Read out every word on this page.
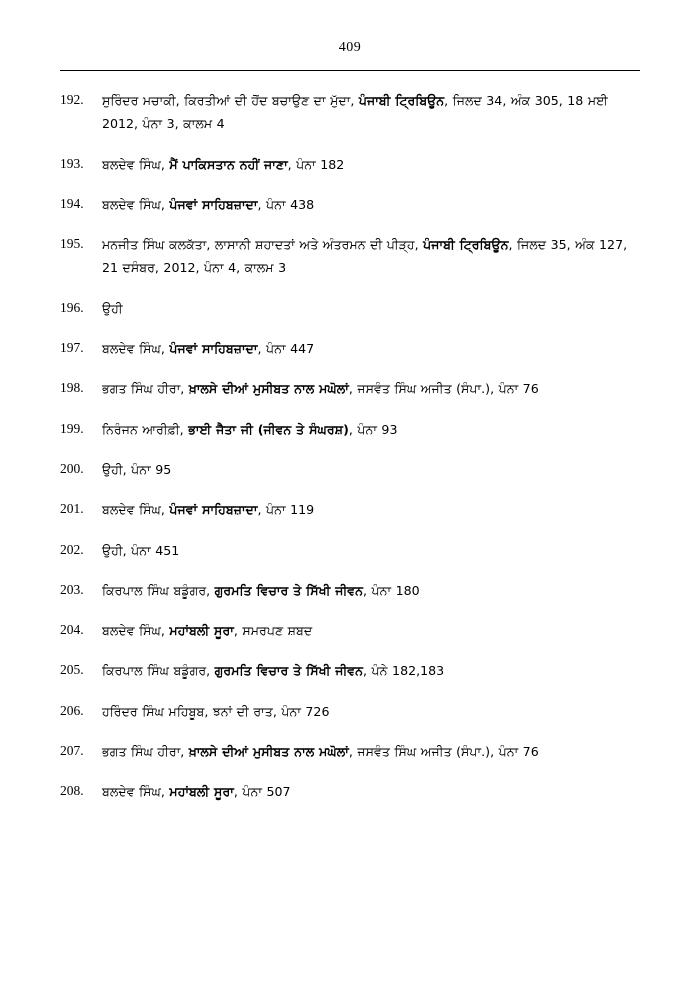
409
192.	ਸੁਰਿੰਦਰ ਮਚਾਕੀ, ਕਿਰਤੀਆਂ ਦੀ ਹੋਂਦ ਬਚਾਉਣ ਦਾ ਮੁੱਦਾ, ਪੰਜਾਬੀ ਟ੍ਰਿਬਿਊਨ, ਜਿਲਦ 34, ਅੰਕ 305, 18 ਮਈ 2012, ਪੰਨਾ 3, ਕਾਲਮ 4
193.	ਬਲਦੇਵ ਸਿੰਘ, ਮੈਂ ਪਾਕਿਸਤਾਨ ਨਹੀਂ ਜਾਣਾ, ਪੰਨਾ 182
194.	ਬਲਦੇਵ ਸਿੰਘ, ਪੰਜਵਾਂ ਸਾਹਿਬਜ਼ਾਦਾ, ਪੰਨਾ 438
195.	ਮਨਜੀਤ ਸਿੰਘ ਕਲਕੱਤਾ, ਲਾਸਾਨੀ ਸ਼ਹਾਦਤਾਂ ਅਤੇ ਅੰਤਰਮਨ ਦੀ ਪੀੜ੍ਹ, ਪੰਜਾਬੀ ਟ੍ਰਿਬਿਊਨ, ਜਿਲਦ 35, ਅੰਕ 127, 21 ਦਸੰਬਰ, 2012, ਪੰਨਾ 4, ਕਾਲਮ 3
196.	ਉਹੀ
197.	ਬਲਦੇਵ ਸਿੰਘ, ਪੰਜਵਾਂ ਸਾਹਿਬਜ਼ਾਦਾ, ਪੰਨਾ 447
198.	ਭਗਤ ਸਿੰਘ ਹੀਰਾ, ਖ਼ਾਲਸੇ ਦੀਆਂ ਮੁਸੀਬਤ ਨਾਲ ਮਘੋਲਾਂ, ਜਸਵੰਤ ਸਿੰਘ ਅਜੀਤ (ਸੰਪਾ.), ਪੰਨਾ 76
199.	ਨਿਰੰਜਨ ਆਰੀਫ਼ੀ, ਭਾਈ ਜੈਤਾ ਜੀ (ਜੀਵਨ ਤੇ ਸੰਘਰਸ਼), ਪੰਨਾ 93
200.	ਉਹੀ, ਪੰਨਾ 95
201.	ਬਲਦੇਵ ਸਿੰਘ, ਪੰਜਵਾਂ ਸਾਹਿਬਜ਼ਾਦਾ, ਪੰਨਾ 119
202.	ਉਹੀ, ਪੰਨਾ 451
203.	ਕਿਰਪਾਲ ਸਿੰਘ ਬਡੂੰਗਰ, ਗੁਰਮਤਿ ਵਿਚਾਰ ਤੇ ਸਿੱਖੀ ਜੀਵਨ, ਪੰਨਾ 180
204.	ਬਲਦੇਵ ਸਿੰਘ, ਮਹਾਂਬਲੀ ਸੂਰਾ, ਸਮਰਪਣ ਸ਼ਬਦ
205.	ਕਿਰਪਾਲ ਸਿੰਘ ਬਡੂੰਗਰ, ਗੁਰਮਤਿ ਵਿਚਾਰ ਤੇ ਸਿੱਖੀ ਜੀਵਨ, ਪੰਨੇ 182,183
206.	ਹਰਿੰਦਰ ਸਿੰਘ ਮਹਿਬੂਬ, ਝਨਾਂ ਦੀ ਰਾਤ, ਪੰਨਾ 726
207.	ਭਗਤ ਸਿੰਘ ਹੀਰਾ, ਖ਼ਾਲਸੇ ਦੀਆਂ ਮੁਸੀਬਤ ਨਾਲ ਮਘੋਲਾਂ, ਜਸਵੰਤ ਸਿੰਘ ਅਜੀਤ (ਸੰਪਾ.), ਪੰਨਾ 76
208.	ਬਲਦੇਵ ਸਿੰਘ, ਮਹਾਂਬਲੀ ਸੂਰਾ, ਪੰਨਾ 507
